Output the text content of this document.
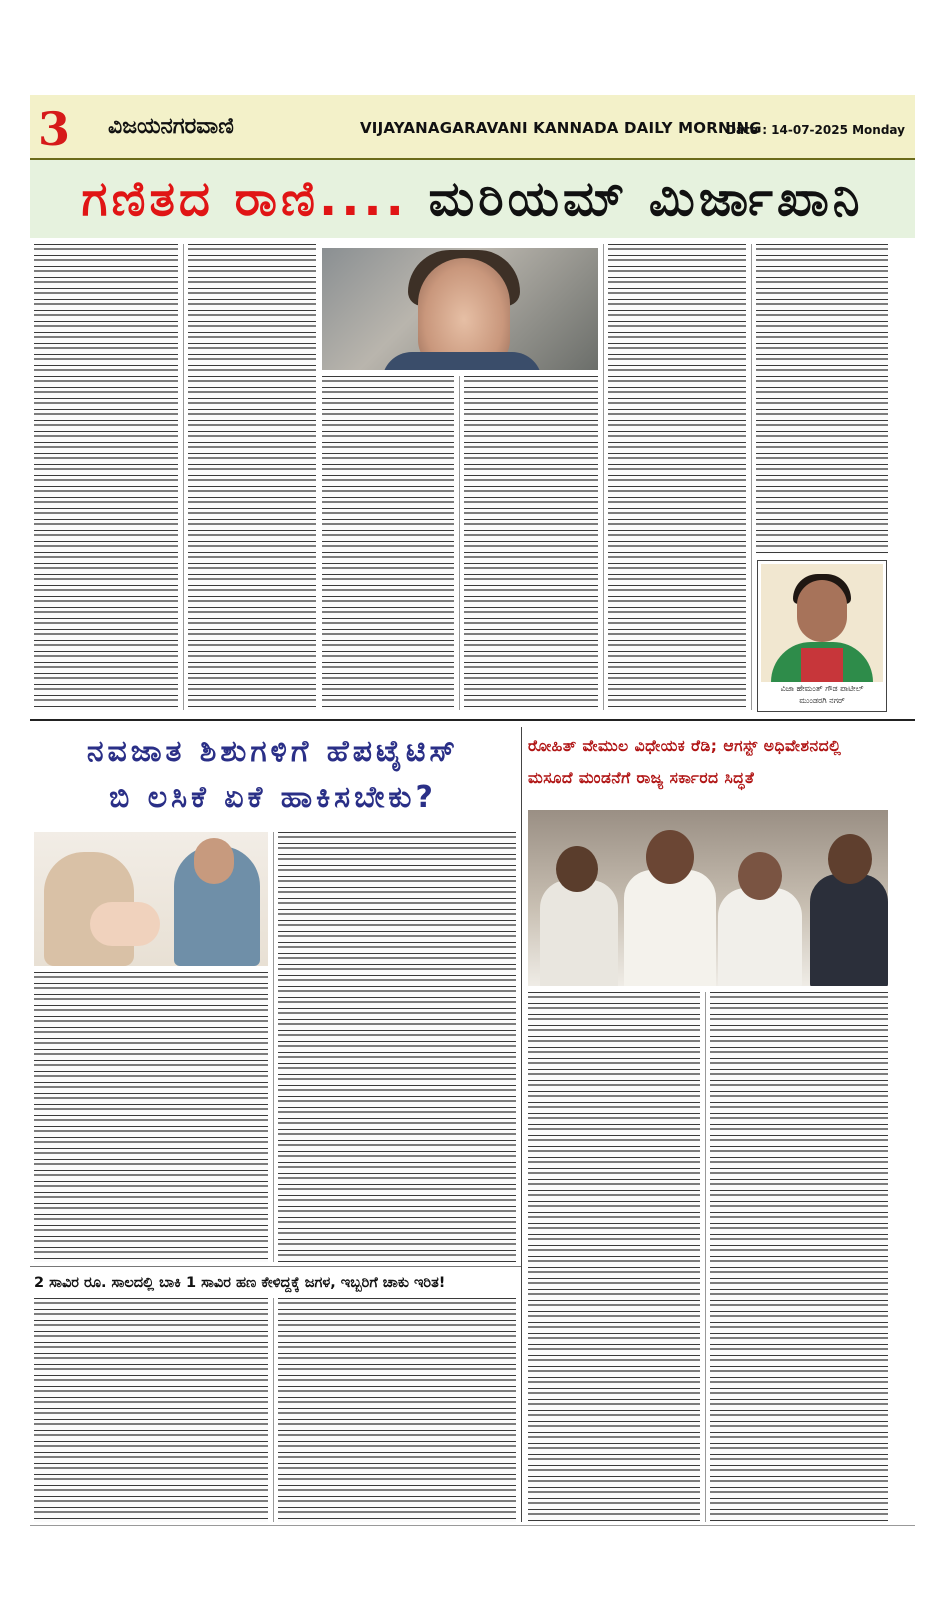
3	ವಿಜಯನಗರವಾಣಿ	VIJAYANAGARAVANI KANNADA DAILY MORNING
Date : 14-07-2025 Monday
ಗಣಿತದ ರಾಣಿ.... ಮರಿಯಮ್ ಮಿರ್ಜಾಖಾನಿ
ವಿಜಾ ಹೇಮಂತ್ ಗೌಡ ಪಾಟೀಲ್
ಮುಂಡರಗಿ ನಗರ್
ನವಜಾತ ಶಿಶುಗಳಿಗೆ ಹೆಪಟೈಟಿಸ್
ಬಿ ಲಸಿಕೆ ಏಕೆ ಹಾಕಿಸಬೇಕು?
ರೋಹಿತ್ ವೇಮುಲ ವಿಧೇಯಕ ರೆಡಿ; ಆಗಸ್ಟ್ ಅಧಿವೇಶನದಲ್ಲಿ ಮಸೂದೆ ಮಂಡನೆಗೆ ರಾಜ್ಯ ಸರ್ಕಾರದ ಸಿದ್ಧತೆ
2 ಸಾವಿರ ರೂ. ಸಾಲದಲ್ಲಿ ಬಾಕಿ 1 ಸಾವಿರ ಹಣ ಕೇಳಿದ್ದಕ್ಕೆ ಜಗಳ, ಇಬ್ಬರಿಗೆ ಚಾಕು ಇರಿತ!
